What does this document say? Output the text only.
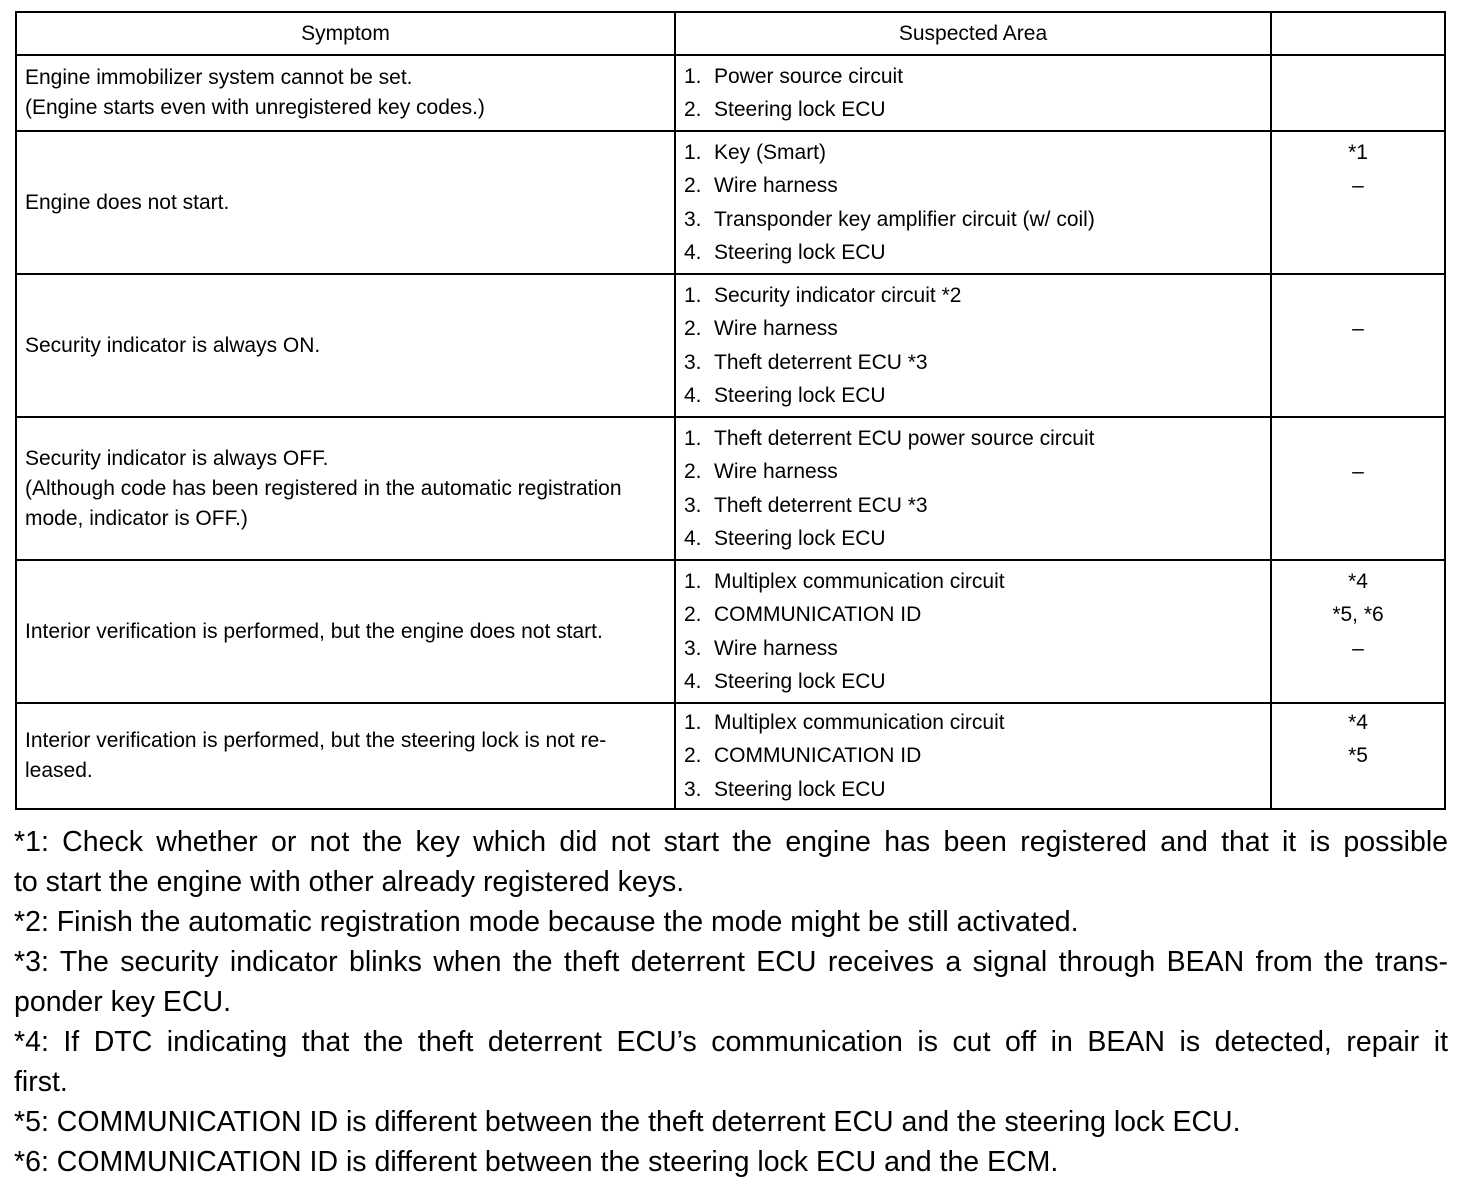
Symptom	Suspected Area
Engine immobilizer system cannot be set.
(Engine starts even with unregistered key codes.)
1. Power source circuit
2. Steering lock ECU
Engine does not start.
1. Key (Smart)
2. Wire harness
3. Transponder key amplifier circuit (w/ coil)
4. Steering lock ECU
*1
–
Security indicator is always ON.
1. Security indicator circuit *2
2. Wire harness
3. Theft deterrent ECU *3
4. Steering lock ECU
–
Security indicator is always OFF.
(Although code has been registered in the automatic registration
mode, indicator is OFF.)
1. Theft deterrent ECU power source circuit
2. Wire harness
3. Theft deterrent ECU *3
4. Steering lock ECU
–
Interior verification is performed, but the engine does not start.
1. Multiplex communication circuit
2. COMMUNICATION ID
3. Wire harness
4. Steering lock ECU
*4
*5, *6
–
Interior verification is performed, but the steering lock is not re-
leased.
1. Multiplex communication circuit
2. COMMUNICATION ID
3. Steering lock ECU
*4
*5
*1: Check whether or not the key which did not start the engine has been registered and that it is possible
to start the engine with other already registered keys.
*2: Finish the automatic registration mode because the mode might be still activated.
*3: The security indicator blinks when the theft deterrent ECU receives a signal through BEAN from the trans-
ponder key ECU.
*4: If DTC indicating that the theft deterrent ECU’s communication is cut off in BEAN is detected, repair it
first.
*5: COMMUNICATION ID is different between the theft deterrent ECU and the steering lock ECU.
*6: COMMUNICATION ID is different between the steering lock ECU and the ECM.
